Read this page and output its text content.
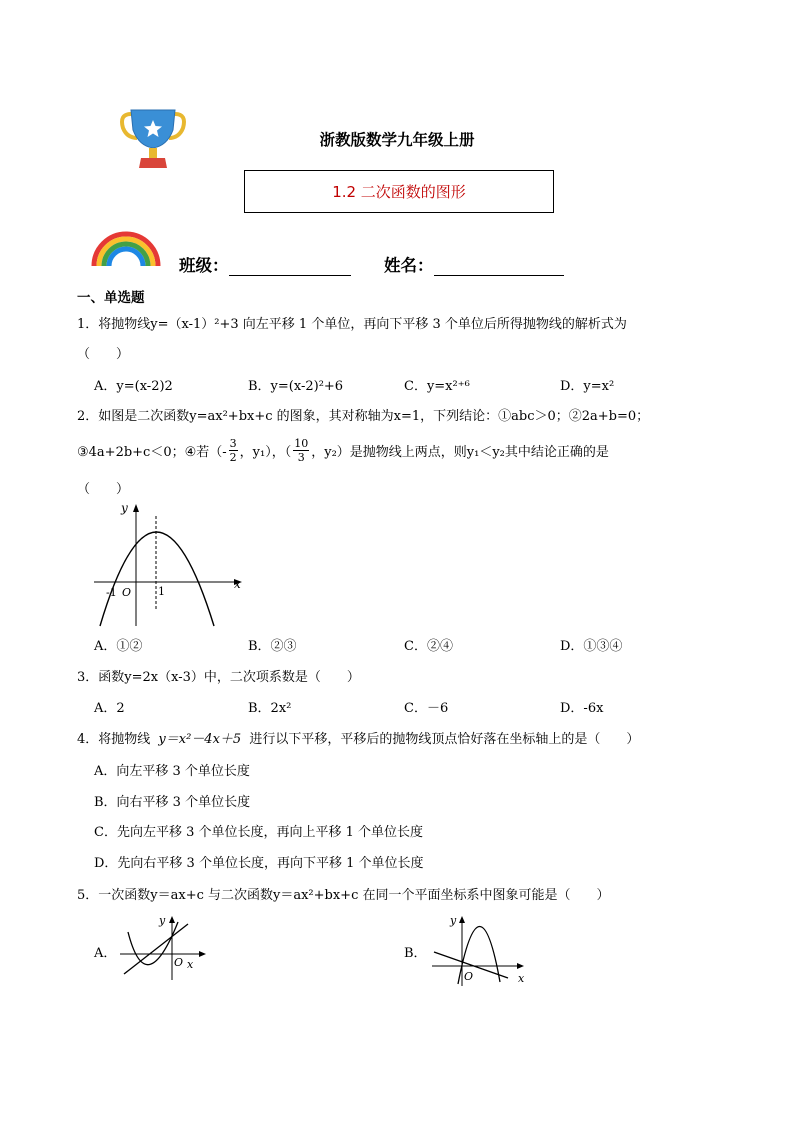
浙教版数学九年级上册
1.2 二次函数的图形
班级：	姓名：
一、单选题
1．将抛物线y=（x-1）²+3 向左平移 1 个单位，再向下平移 3 个单位后所得抛物线的解析式为
（　　）
A．y=(x-2)2	B．y=(x-2)²+6	C．y=x²⁺⁶	D．y=x²
2．如图是二次函数y=ax²+bx+c 的图象，其对称轴为x=1，下列结论：①abc＞0；②2a+b=0；
③4a+2b+c＜0；④若（- $\frac{3}{2}$ ，y₁），（ $\frac{10}{3}$ ，y₂）是抛物线上两点，则y₁＜y₂其中结论正确的是
（　　）
y
x
-1 O 1
A．①②	B．②③	C．②④	D．①③④
3．函数y=2x（x-3）中，二次项系数是（　　）
A．2	B．2x²	C．－6	D．-6x
4．将抛物线 y＝x²－4x＋5 进行以下平移，平移后的抛物线顶点恰好落在坐标轴上的是（　　）
A．向左平移 3 个单位长度
B．向右平移 3 个单位长度
C．先向左平移 3 个单位长度，再向上平移 1 个单位长度
D．先向右平移 3 个单位长度，再向下平移 1 个单位长度
5．一次函数y＝ax+c 与二次函数y＝ax²+bx+c 在同一个平面坐标系中图象可能是（　　）
A．
y
x
O
B．
y
x
O
